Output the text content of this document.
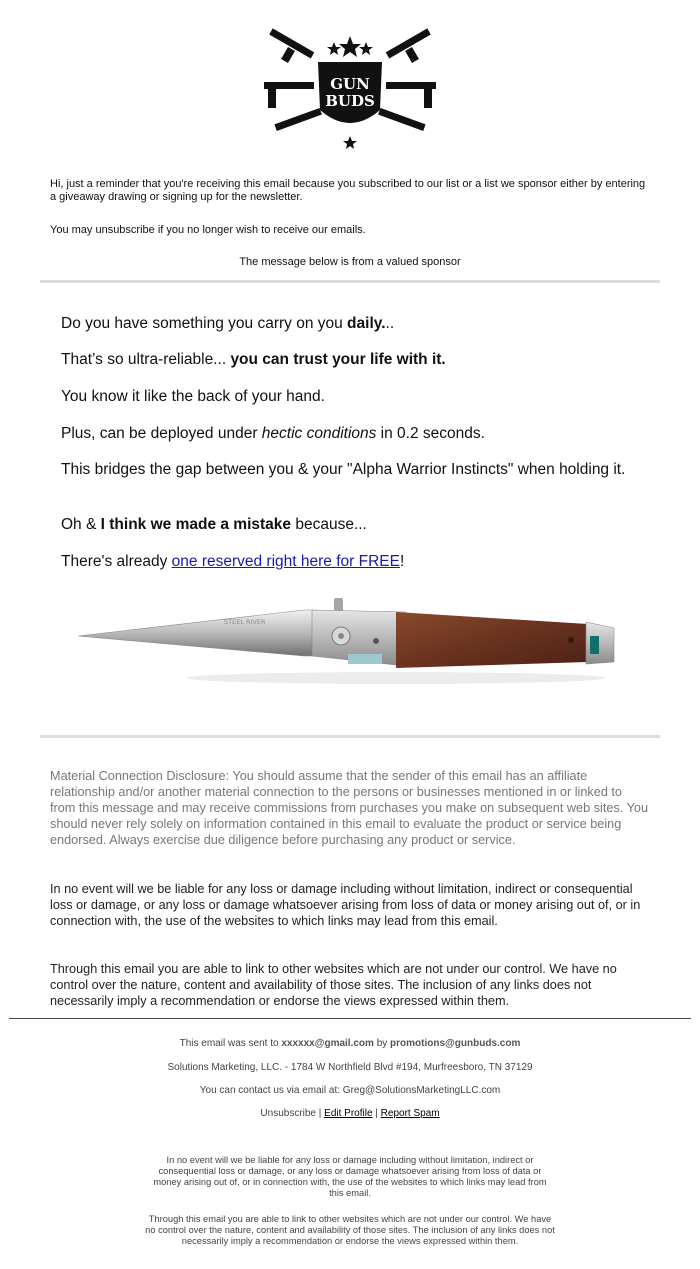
GUN
BUDS
Hi, just a reminder that you're receiving this email because you subscribed to our list or a list we sponsor either by entering a giveaway drawing or signing up for the newsletter.
You may unsubscribe if you no longer wish to receive our emails.
The message below is from a valued sponsor
Do you have something you carry on you daily...
That’s so ultra-reliable... you can trust your life with it.
You know it like the back of your hand.
Plus, can be deployed under hectic conditions in 0.2 seconds.
This bridges the gap between you & your "Alpha Warrior Instincts" when holding it.
Oh & I think we made a mistake because...
There's already one reserved right here for FREE!
STEEL RIVER
Material Connection Disclosure: You should assume that the sender of this email has an affiliate relationship and/or another material connection to the persons or businesses mentioned in or linked to from this message and may receive commissions from purchases you make on subsequent web sites. You should never rely solely on information contained in this email to evaluate the product or service being endorsed. Always exercise due diligence before purchasing any product or service.
In no event will we be liable for any loss or damage including without limitation, indirect or consequential loss or damage, or any loss or damage whatsoever arising from loss of data or money arising out of, or in connection with, the use of the websites to which links may lead from this email.
Through this email you are able to link to other websites which are not under our control. We have no control over the nature, content and availability of those sites. The inclusion of any links does not necessarily imply a recommendation or endorse the views expressed within them.
This email was sent to xxxxxx@gmail.com by promotions@gunbuds.com
Solutions Marketing, LLC. - 1784 W Northfield Blvd #194, Murfreesboro, TN 37129
You can contact us via email at: Greg@SolutionsMarketingLLC.com
Unsubscribe | Edit Profile | Report Spam
In no event will we be liable for any loss or damage including without limitation, indirect or consequential loss or damage, or any loss or damage whatsoever arising from loss of data or money arising out of, or in connection with, the use of the websites to which links may lead from this email.
Through this email you are able to link to other websites which are not under our control. We have no control over the nature, content and availability of those sites. The inclusion of any links does not necessarily imply a recommendation or endorse the views expressed within them.
